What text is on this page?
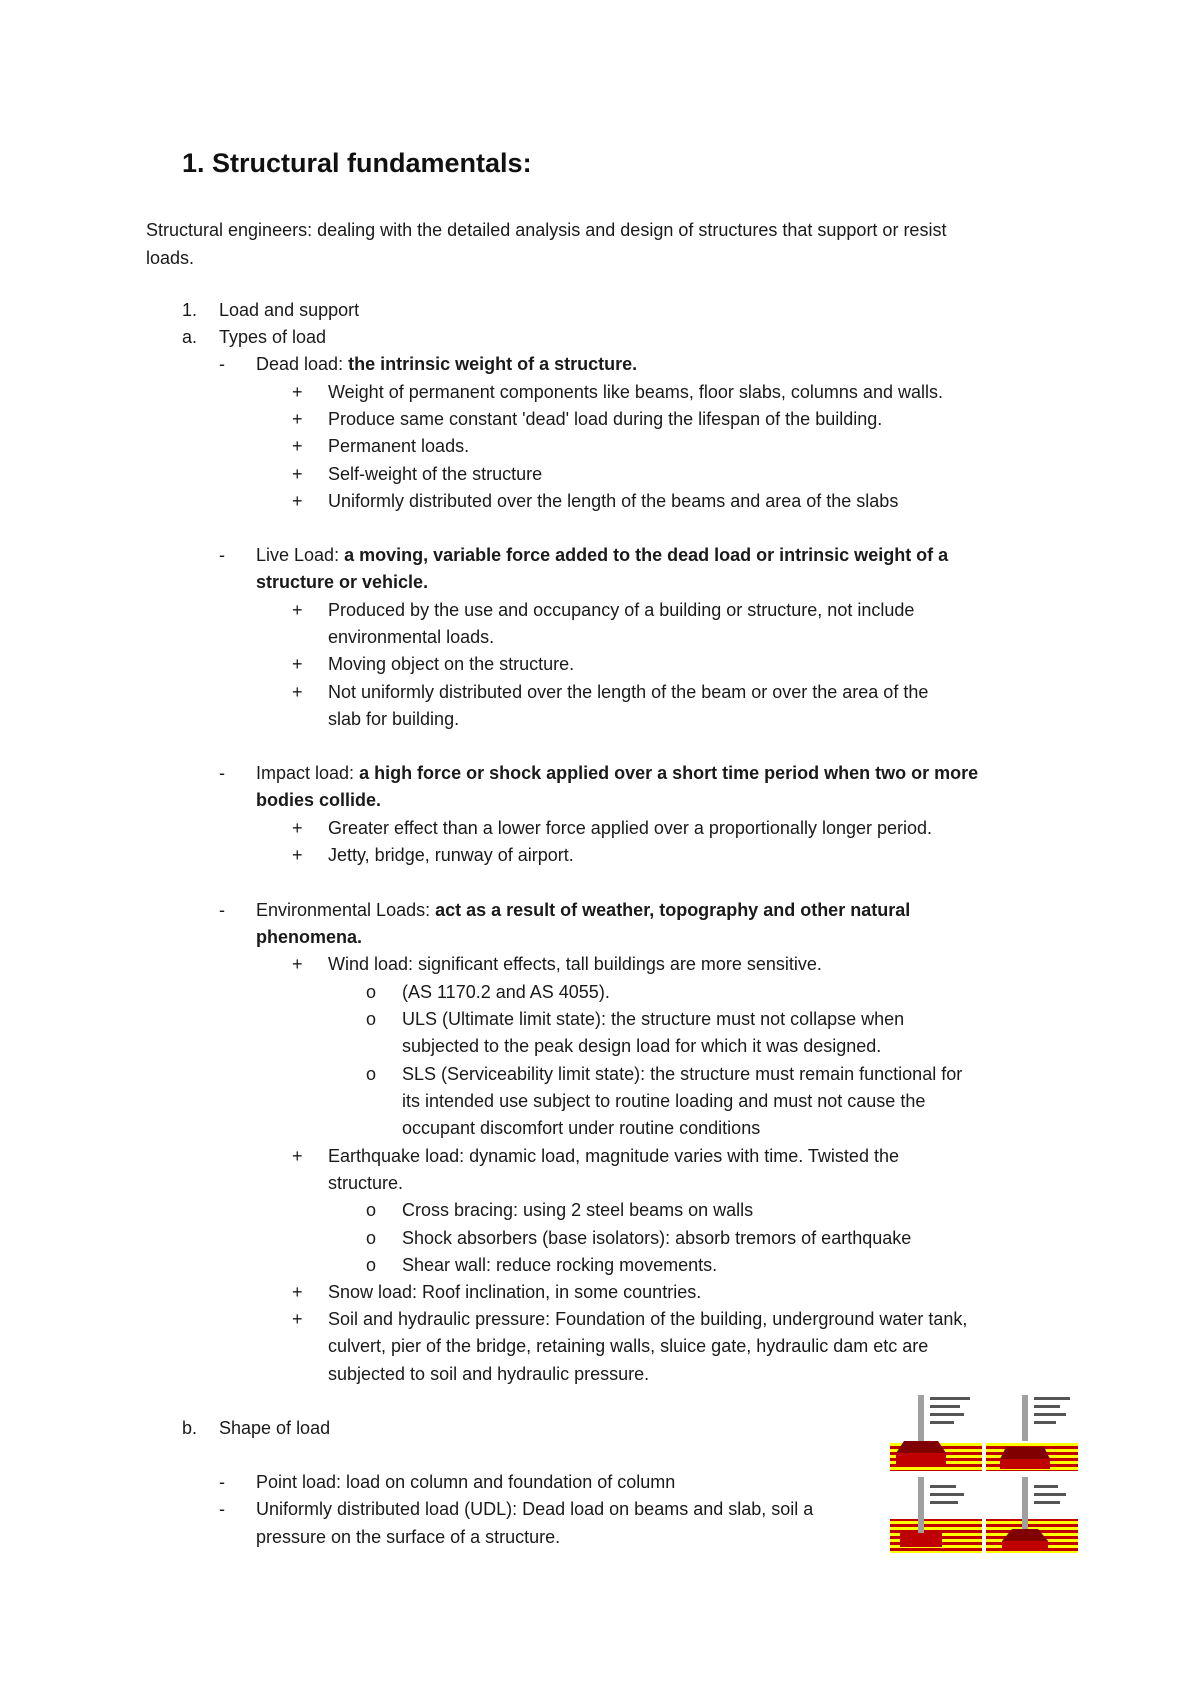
1. Structural fundamentals:
Structural engineers: dealing with the detailed analysis and design of structures that support or resist
loads.
1. Load and support
a. Types of load
- Dead load: the intrinsic weight of a structure.
+ Weight of permanent components like beams, floor slabs, columns and walls.
+ Produce same constant 'dead' load during the lifespan of the building.
+ Permanent loads.
+ Self-weight of the structure
+ Uniformly distributed over the length of the beams and area of the slabs
- Live Load: a moving, variable force added to the dead load or intrinsic weight of a
structure or vehicle.
+ Produced by the use and occupancy of a building or structure, not include
environmental loads.
+ Moving object on the structure.
+ Not uniformly distributed over the length of the beam or over the area of the
slab for building.
- Impact load: a high force or shock applied over a short time period when two or more
bodies collide.
+ Greater effect than a lower force applied over a proportionally longer period.
+ Jetty, bridge, runway of airport.
- Environmental Loads: act as a result of weather, topography and other natural
phenomena.
+ Wind load: significant effects, tall buildings are more sensitive.
o (AS 1170.2 and AS 4055).
o ULS (Ultimate limit state): the structure must not collapse when
subjected to the peak design load for which it was designed.
o SLS (Serviceability limit state): the structure must remain functional for
its intended use subject to routine loading and must not cause the
occupant discomfort under routine conditions
+ Earthquake load: dynamic load, magnitude varies with time. Twisted the
structure.
o Cross bracing: using 2 steel beams on walls
o Shock absorbers (base isolators): absorb tremors of earthquake
o Shear wall: reduce rocking movements.
+ Snow load: Roof inclination, in some countries.
+ Soil and hydraulic pressure: Foundation of the building, underground water tank,
culvert, pier of the bridge, retaining walls, sluice gate, hydraulic dam etc are
subjected to soil and hydraulic pressure.
b. Shape of load
- Point load: load on column and foundation of column
- Uniformly distributed load (UDL): Dead load on beams and slab, soil a
pressure on the surface of a structure.
